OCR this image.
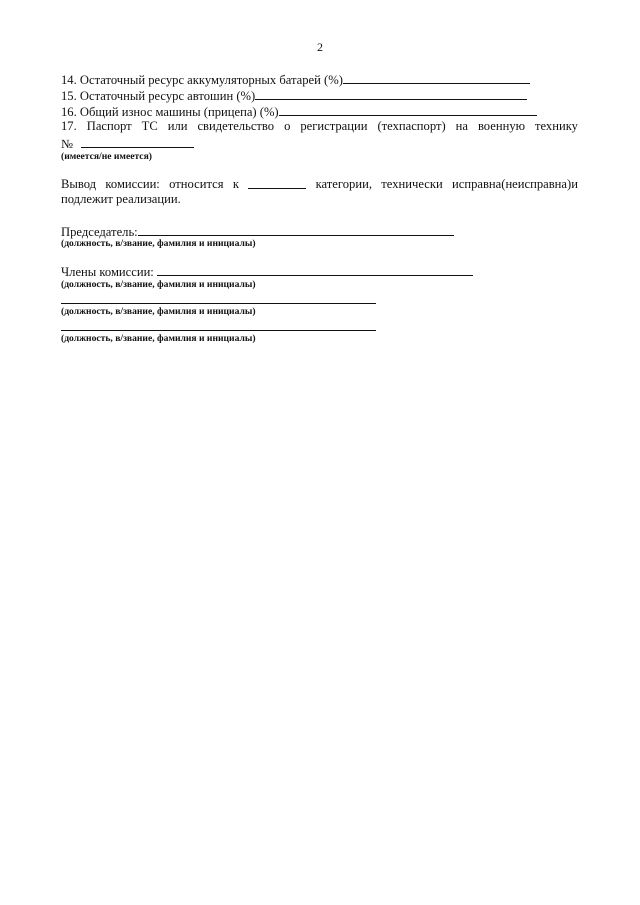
2
14. Остаточный ресурс аккумуляторных батарей (%)
15. Остаточный ресурс автошин (%)
16. Общий износ машины (прицепа) (%)
17. Паспорт ТС или свидетельство о регистрации (техпаспорт) на военную технику
№
(имеется/не имеется)
Вывод комиссии: относится к	категории, технически исправна(неисправна)и
подлежит реализации.
Председатель:
(должность, в/звание, фамилия и инициалы)
Члены комиссии:
(должность, в/звание, фамилия и инициалы)
(должность, в/звание, фамилия и инициалы)
(должность, в/звание, фамилия и инициалы)
